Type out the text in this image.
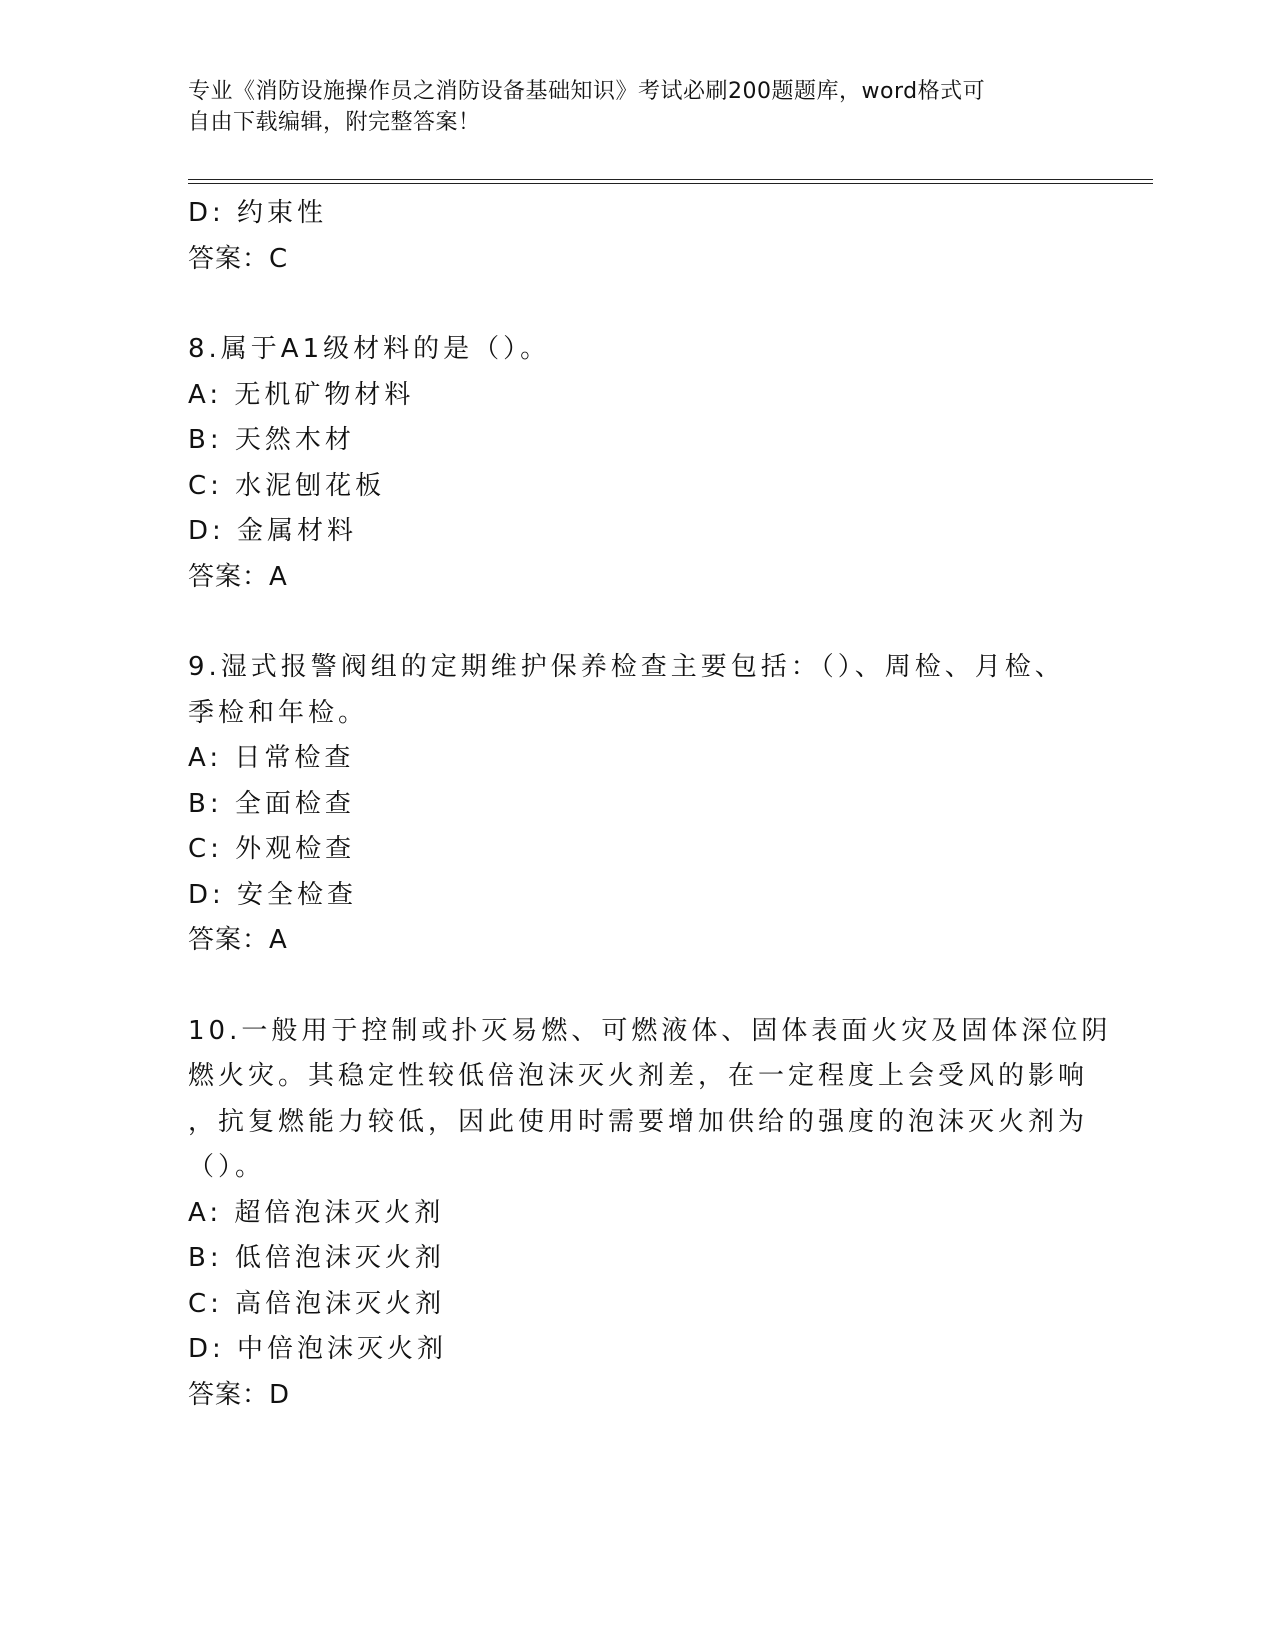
专业《消防设施操作员之消防设备基础知识》考试必刷200题题库，word格式可
自由下载编辑，附完整答案！
D: 约束性
答案：C
8.属于A1级材料的是（）。
A: 无机矿物材料
B: 天然木材
C: 水泥刨花板
D: 金属材料
答案：A
9.湿式报警阀组的定期维护保养检查主要包括：（）、周检、月检、
季检和年检。
A: 日常检查
B: 全面检查
C: 外观检查
D: 安全检查
答案：A
10.一般用于控制或扑灭易燃、可燃液体、固体表面火灾及固体深位阴
燃火灾。其稳定性较低倍泡沫灭火剂差，在一定程度上会受风的影响
，抗复燃能力较低，因此使用时需要增加供给的强度的泡沫灭火剂为
（）。
A: 超倍泡沫灭火剂
B: 低倍泡沫灭火剂
C: 高倍泡沫灭火剂
D: 中倍泡沫灭火剂
答案：D
